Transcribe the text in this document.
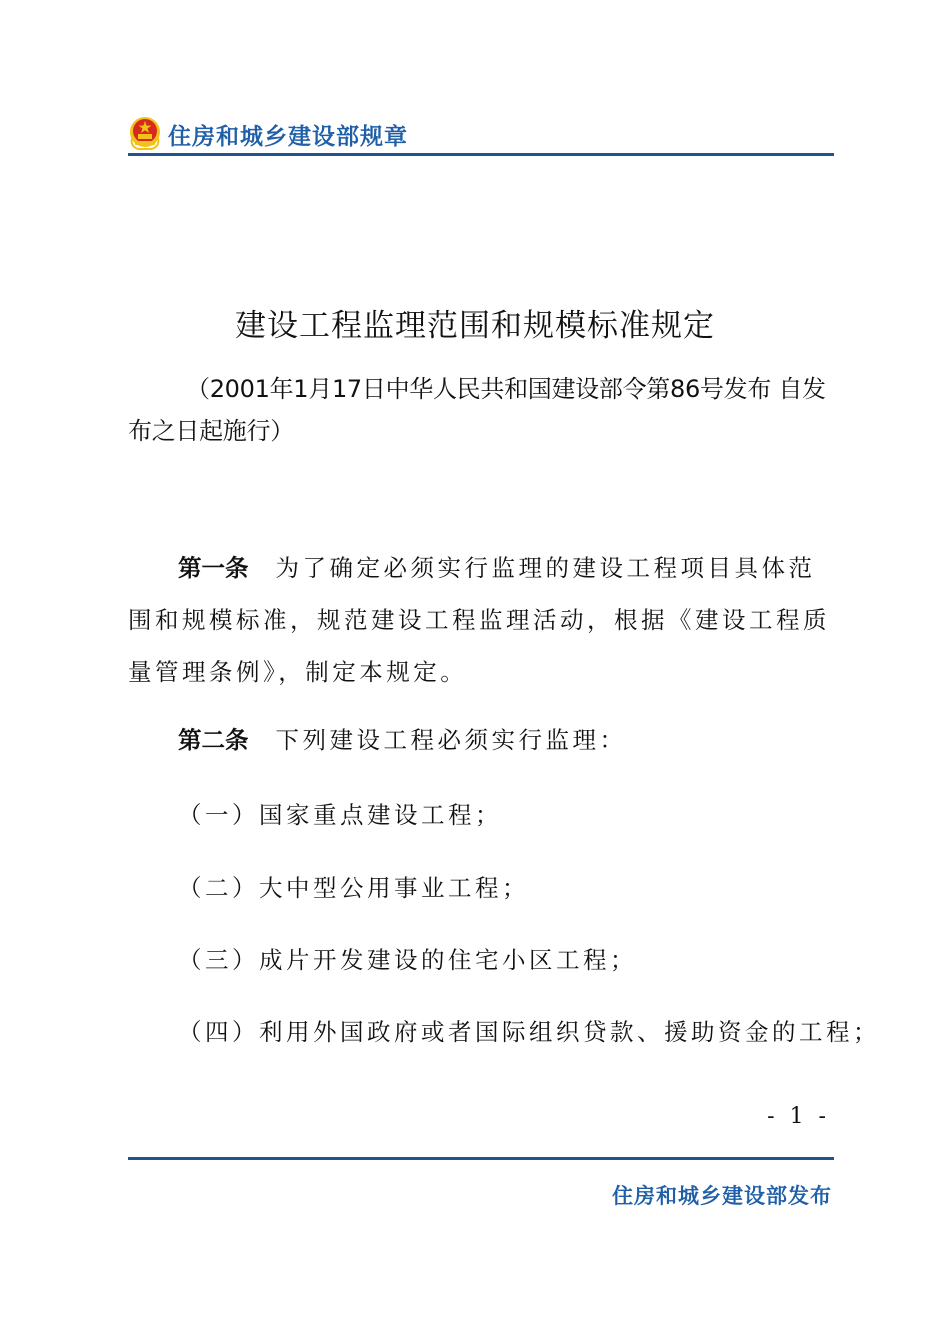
住房和城乡建设部规章
建设工程监理范围和规模标准规定
（2001年1月17日中华人民共和国建设部令第86号发布 自发布之日起施行）
第一条　 为了确定必须实行监理的建设工程项目具体范围和规模标准，规范建设工程监理活动，根据《建设工程质量管理条例》，制定本规定。
第二条　 下列建设工程必须实行监理：
（一）国家重点建设工程；
（二）大中型公用事业工程；
（三）成片开发建设的住宅小区工程；
（四）利用外国政府或者国际组织贷款、援助资金的工程；
- 1 -
住房和城乡建设部发布
